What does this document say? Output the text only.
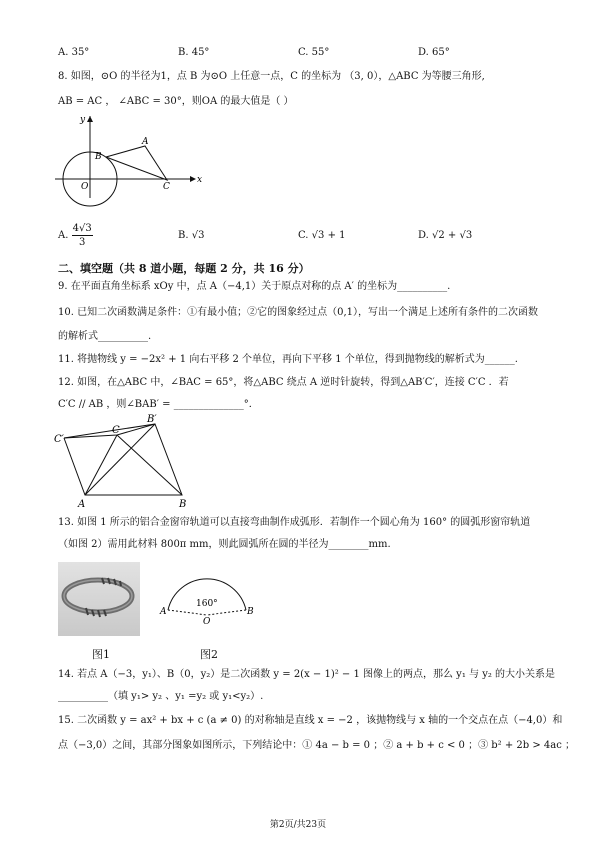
A. 35°	B. 45°	C. 55°	D. 65°
8. 如图，⊙O 的半径为1，点 B 为⊙O 上任意一点，C 的坐标为 （3, 0），△ABC 为等腰三角形,
AB = AC ， ∠ABC = 30°，则OA 的最大值是（ ）
y
x
A
B
O	C
A. $\frac{4√3}{3}$	B. √3	C. √3 + 1	D. √2 + √3
二、填空题（共 8 道小题，每题 2 分，共 16 分）
9. 在平面直角坐标系 xOy 中，点 A（−4,1）关于原点对称的点 A′ 的坐标为__________.
10. 已知二次函数满足条件：①有最小值；②它的图象经过点（0,1），写出一个满足上述所有条件的二次函数
的解析式__________.
11. 将抛物线 y = −2x² + 1 向右平移 2 个单位，再向下平移 1 个单位，得到抛物线的解析式为______.
12. 如图，在△ABC 中，∠BAC = 65°，将△ABC 绕点 A 逆时针旋转，得到△AB′C′，连接 C′C ．若
C′C // AB ，则∠BAB′ = ______________°．
C′
C
B′
A	B
13. 如图 1 所示的铝合金窗帘轨道可以直接弯曲制作成弧形．若制作一个圆心角为 160° 的圆弧形窗帘轨道
（如图 2）需用此材料 800π mm，则此圆弧所在圆的半径为________mm.
160°
A
O
B
图1	图2
14. 若点 A（−3，y₁）、B（0，y₂）是二次函数 y = 2(x − 1)² − 1 图像上的两点，那么 y₁ 与 y₂ 的大小关系是
__________（填 y₁> y₂ 、y₁ =y₂ 或 y₁<y₂）.
15. 二次函数 y = ax² + bx + c (a ≠ 0) 的对称轴是直线 x = −2 ，该抛物线与 x 轴的一个交点在点（−4,0）和
点（−3,0）之间，其部分图象如图所示，下列结论中：① 4a − b = 0 ；② a + b + c < 0 ；③ b² + 2b > 4ac ；
第2页/共23页
